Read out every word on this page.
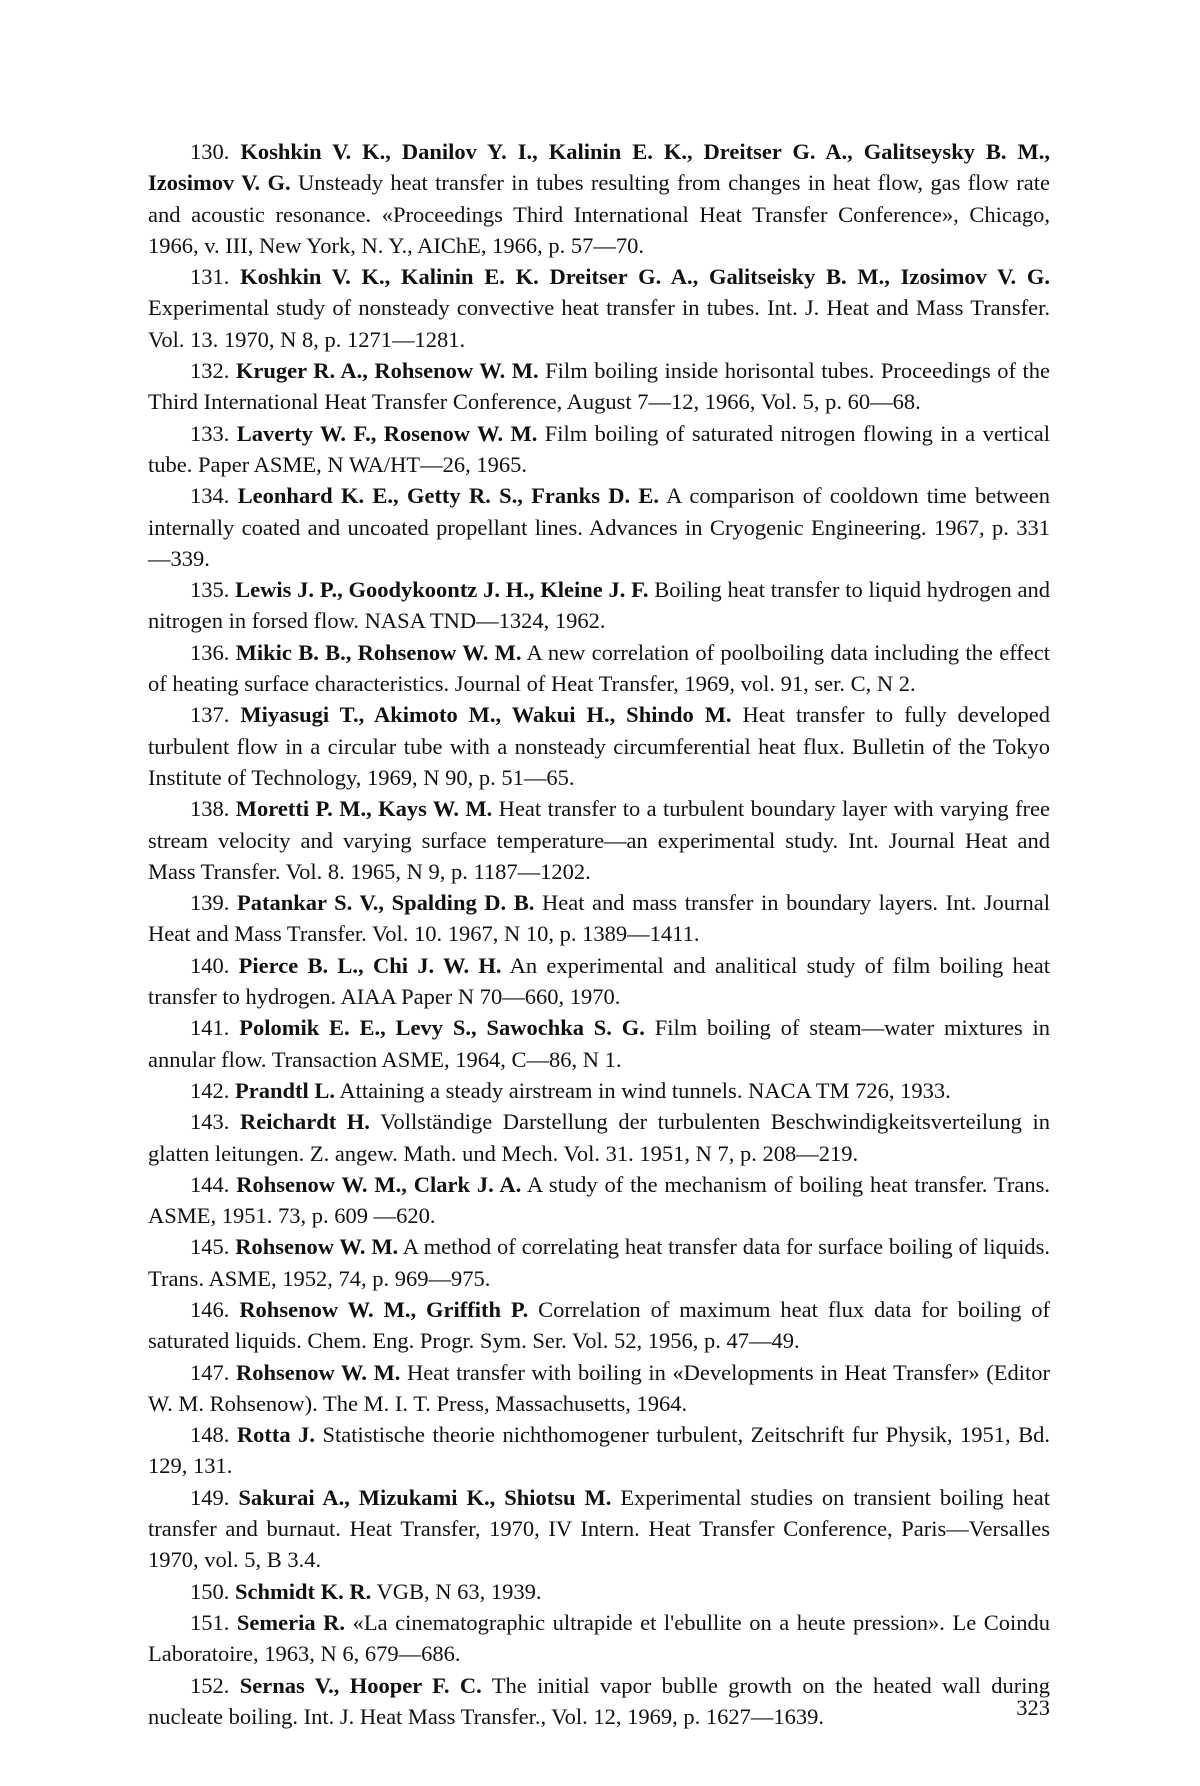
130. Koshkin V. K., Danilov Y. I., Kalinin E. K., Dreitser G. A., Galitseysky B. M., Izosimov V. G. Unsteady heat transfer in tubes resulting from changes in heat flow, gas flow rate and acoustic resonance. «Proceedings Third International Heat Transfer Conference», Chicago, 1966, v. III, New York, N. Y., AIChE, 1966, p. 57—70.

131. Koshkin V. K., Kalinin E. K. Dreitser G. A., Galitseisky B. M., Izosimov V. G. Experimental study of nonsteady convective heat transfer in tubes. Int. J. Heat and Mass Transfer. Vol. 13. 1970, N 8, p. 1271—1281.

132. Kruger R. A., Rohsenow W. M. Film boiling inside horisontal tubes. Proceedings of the Third International Heat Transfer Conference, August 7—12, 1966, Vol. 5, p. 60—68.

133. Laverty W. F., Rosenow W. M. Film boiling of saturated nitrogen flowing in a vertical tube. Paper ASME, N WA/HT—26, 1965.

134. Leonhard K. E., Getty R. S., Franks D. E. A comparison of cooldown time between internally coated and uncoated propellant lines. Advances in Cryogenic Engineering. 1967, p. 331—339.

135. Lewis J. P., Goodykoontz J. H., Kleine J. F. Boiling heat transfer to liquid hydrogen and nitrogen in forsed flow. NASA TND—1324, 1962.

136. Mikic B. B., Rohsenow W. M. A new correlation of poolboiling data including the effect of heating surface characteristics. Journal of Heat Transfer, 1969, vol. 91, ser. C, N 2.

137. Miyasugi T., Akimoto M., Wakui H., Shindo M. Heat transfer to fully developed turbulent flow in a circular tube with a nonsteady circumferential heat flux. Bulletin of the Tokyo Institute of Technology, 1969, N 90, p. 51—65.

138. Moretti P. M., Kays W. M. Heat transfer to a turbulent boundary layer with varying free stream velocity and varying surface temperature—an experimental study. Int. Journal Heat and Mass Transfer. Vol. 8. 1965, N 9, p. 1187—1202.

139. Patankar S. V., Spalding D. B. Heat and mass transfer in boundary layers. Int. Journal Heat and Mass Transfer. Vol. 10. 1967, N 10, p. 1389—1411.

140. Pierce B. L., Chi J. W. H. An experimental and analitical study of film boiling heat transfer to hydrogen. AIAA Paper N 70—660, 1970.

141. Polomik E. E., Levy S., Sawochka S. G. Film boiling of steam—water mixtures in annular flow. Transaction ASME, 1964, C—86, N 1.

142. Prandtl L. Attaining a steady airstream in wind tunnels. NACA TM 726, 1933.

143. Reichardt H. Vollständige Darstellung der turbulenten Beschwindigkeitsverteilung in glatten leitungen. Z. angew. Math. und Mech. Vol. 31. 1951, N 7, p. 208—219.

144. Rohsenow W. M., Clark J. A. A study of the mechanism of boiling heat transfer. Trans. ASME, 1951. 73, p. 609 —620.

145. Rohsenow W. M. A method of correlating heat transfer data for surface boiling of liquids. Trans. ASME, 1952, 74, p. 969—975.

146. Rohsenow W. M., Griffith P. Correlation of maximum heat flux data for boiling of saturated liquids. Chem. Eng. Progr. Sym. Ser. Vol. 52, 1956, p. 47—49.

147. Rohsenow W. M. Heat transfer with boiling in «Developments in Heat Transfer» (Editor W. M. Rohsenow). The M. I. T. Press, Massachusetts, 1964.

148. Rotta J. Statistische theorie nichthomogener turbulent, Zeitschrift fur Physik, 1951, Bd. 129, 131.

149. Sakurai A., Mizukami K., Shiotsu M. Experimental studies on transient boiling heat transfer and burnaut. Heat Transfer, 1970, IV Intern. Heat Transfer Conference, Paris—Versalles 1970, vol. 5, B 3.4.

150. Schmidt K. R. VGB, N 63, 1939.

151. Semeria R. «La cinematographic ultrapide et l'ebullite on a heute pression». Le Coindu Laboratoire, 1963, N 6, 679—686.

152. Sernas V., Hooper F. C. The initial vapor bublle growth on the heated wall during nucleate boiling. Int. J. Heat Mass Transfer., Vol. 12, 1969, p. 1627—1639.	323
